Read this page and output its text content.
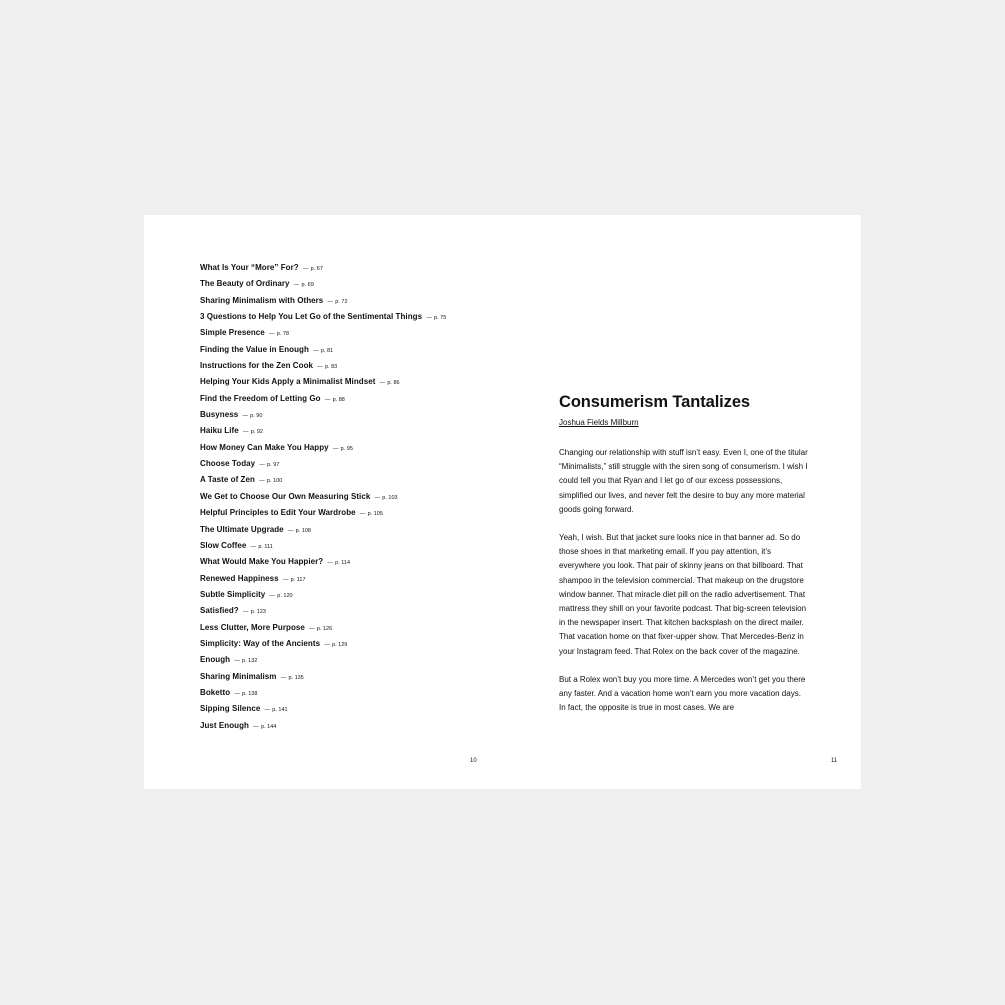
What Is Your “More” For? — p. 67
The Beauty of Ordinary — p. 69
Sharing Minimalism with Others — p. 72
3 Questions to Help You Let Go of the Sentimental Things — p. 75
Simple Presence — p. 78
Finding the Value in Enough — p. 81
Instructions for the Zen Cook — p. 83
Helping Your Kids Apply a Minimalist Mindset — p. 86
Find the Freedom of Letting Go — p. 88
Busyness — p. 90
Haiku Life — p. 92
How Money Can Make You Happy — p. 95
Choose Today — p. 97
A Taste of Zen — p. 100
We Get to Choose Our Own Measuring Stick — p. 103
Helpful Principles to Edit Your Wardrobe — p. 105
The Ultimate Upgrade — p. 108
Slow Coffee — p. 111
What Would Make You Happier? — p. 114
Renewed Happiness — p. 117
Subtle Simplicity — p. 120
Satisfied? — p. 123
Less Clutter, More Purpose — p. 126
Simplicity: Way of the Ancients — p. 129
Enough — p. 132
Sharing Minimalism — p. 135
Boketto — p. 138
Sipping Silence — p. 141
Just Enough — p. 144
10
Consumerism Tantalizes
Joshua Fields Millburn

Changing our relationship with stuff isn’t easy. Even I, one of the titular “Minimalists,” still struggle with the siren song of consumerism. I wish I could tell you that Ryan and I let go of our excess possessions, simplified our lives, and never felt the desire to buy any more material goods going forward.

Yeah, I wish. But that jacket sure looks nice in that banner ad. So do those shoes in that marketing email. If you pay attention, it’s everywhere you look. That pair of skinny jeans on that billboard. That shampoo in the television commercial. That makeup on the drugstore window banner. That miracle diet pill on the radio advertisement. That mattress they shill on your favorite podcast. That big-screen television in the newspaper insert. That kitchen backsplash on the direct mailer. That vacation home on that fixer-upper show. That Mercedes-Benz in your Instagram feed. That Rolex on the back cover of the magazine.

But a Rolex won’t buy you more time. A Mercedes won’t get you there any faster. And a vacation home won’t earn you more vacation days. In fact, the opposite is true in most cases. We are

11
